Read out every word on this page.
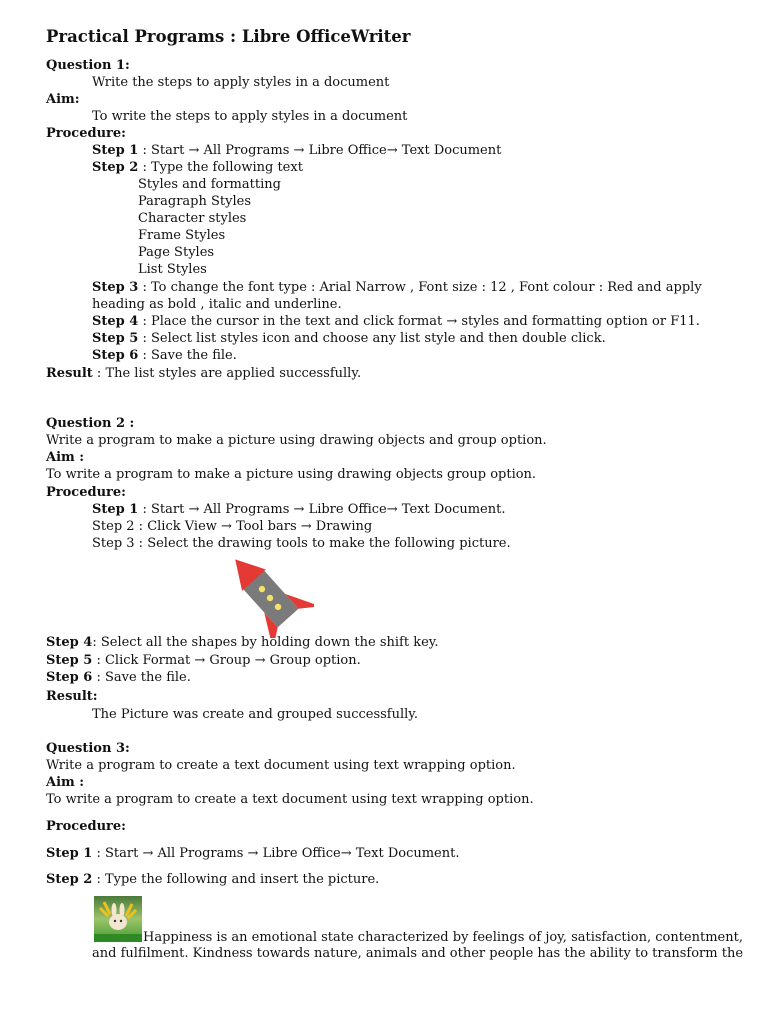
Practical Programs : Libre OfficeWriter
Question 1:
Write the steps to apply styles in a document
Aim:
To write the steps to apply styles in a document
Procedure:
Step 1 : Start → All Programs → Libre Office→ Text Document
Step 2 : Type the following text
Styles and formatting
Paragraph Styles
Character styles
Frame Styles
Page Styles
List Styles
Step 3 : To change the font type : Arial Narrow , Font size : 12 , Font colour : Red and apply
heading as bold , italic and underline.
Step 4 : Place the cursor in the text and click format → styles and formatting option or F11.
Step 5 : Select list styles icon and choose any list style and then double click.
Step 6 : Save the file.
Result : The list styles are applied successfully.
Question 2 :
Write a program to make a picture using drawing objects and group option.
Aim :
To write a program to make a picture using drawing objects group option.
Procedure:
Step 1 : Start → All Programs → Libre Office→ Text Document.
Step 2 : Click View → Tool bars → Drawing
Step 3 : Select the drawing tools to make the following picture.
Step 4: Select all the shapes by holding down the shift key.
Step 5 : Click Format → Group → Group option.
Step 6 : Save the file.
Result:
The Picture was create and grouped successfully.
Question 3:
Write a program to create a text document using text wrapping option.
Aim :
To write a program to create a text document using text wrapping option.
Procedure:
Step 1 : Start → All Programs → Libre Office→ Text Document.
Step 2 : Type the following and insert the picture.
Happiness is an emotional state characterized by feelings of joy, satisfaction, contentment,
and fulfilment. Kindness towards nature, animals and other people has the ability to transform the
